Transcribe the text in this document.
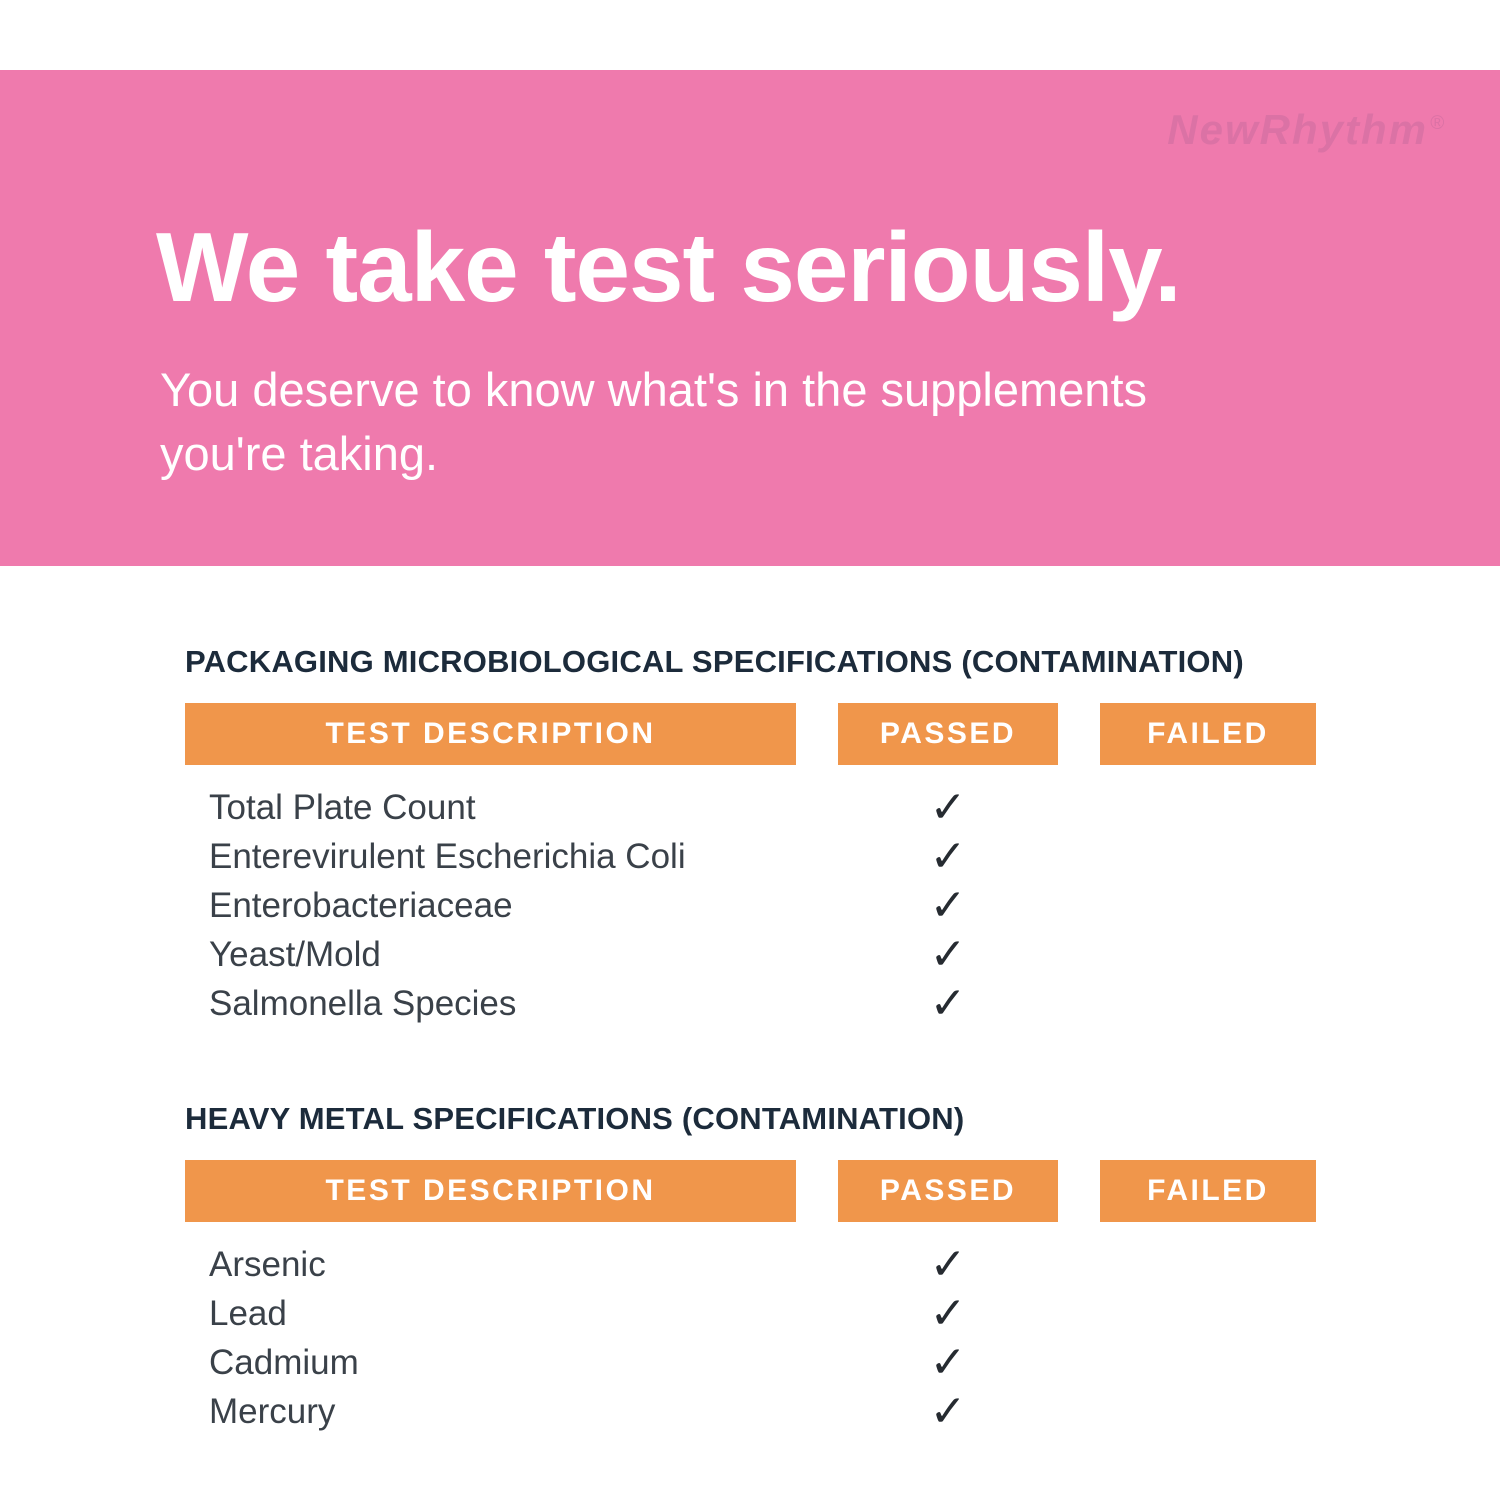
NewRhythm ®
We take test seriously.

You deserve to know what's in the supplements
you're taking.

PACKAGING MICROBIOLOGICAL SPECIFICATIONS (CONTAMINATION)
TEST DESCRIPTION	PASSED	FAILED
Total Plate Count	✓
Enterevirulent Escherichia Coli	✓
Enterobacteriaceae	✓
Yeast/Mold	✓
Salmonella Species	✓
HEAVY METAL SPECIFICATIONS (CONTAMINATION)
TEST DESCRIPTION	PASSED	FAILED
Arsenic	✓
Lead	✓
Cadmium	✓
Mercury	✓
